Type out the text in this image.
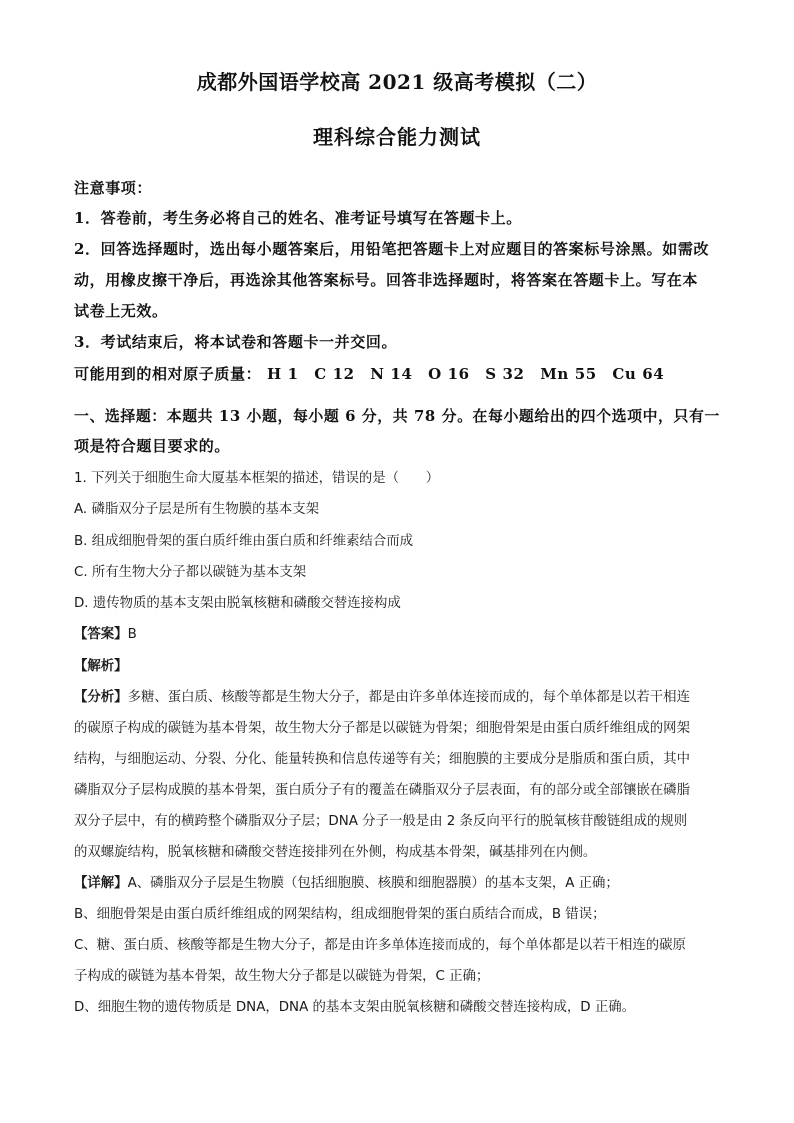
成都外国语学校高 2021 级高考模拟（二）
理科综合能力测试
注意事项：
1．答卷前，考生务必将自己的姓名、准考证号填写在答题卡上。
2．回答选择题时，选出每小题答案后，用铅笔把答题卡上对应题目的答案标号涂黑。如需改
动，用橡皮擦干净后，再选涂其他答案标号。回答非选择题时，将答案在答题卡上。写在本
试卷上无效。
3．考试结束后，将本试卷和答题卡一并交回。
可能用到的相对原子质量： H 1　C 12　N 14　O 16　S 32　Mn 55　Cu 64
一、选择题：本题共 13 小题，每小题 6 分，共 78 分。在每小题给出的四个选项中，只有一
项是符合题目要求的。
1. 下列关于细胞生命大厦基本框架的描述，错误的是（　　）
A. 磷脂双分子层是所有生物膜的基本支架
B. 组成细胞骨架的蛋白质纤维由蛋白质和纤维素结合而成
C. 所有生物大分子都以碳链为基本支架
D. 遗传物质的基本支架由脱氧核糖和磷酸交替连接构成
【答案】B
【解析】
【分析】多糖、蛋白质、核酸等都是生物大分子，都是由许多单体连接而成的，每个单体都是以若干相连
的碳原子构成的碳链为基本骨架，故生物大分子都是以碳链为骨架；细胞骨架是由蛋白质纤维组成的网架
结构，与细胞运动、分裂、分化、能量转换和信息传递等有关；细胞膜的主要成分是脂质和蛋白质，其中
磷脂双分子层构成膜的基本骨架，蛋白质分子有的覆盖在磷脂双分子层表面，有的部分或全部镶嵌在磷脂
双分子层中，有的横跨整个磷脂双分子层；DNA 分子一般是由 2 条反向平行的脱氧核苷酸链组成的规则
的双螺旋结构，脱氧核糖和磷酸交替连接排列在外侧，构成基本骨架，碱基排列在内侧。
【详解】A、磷脂双分子层是生物膜（包括细胞膜、核膜和细胞器膜）的基本支架，A 正确；
B、细胞骨架是由蛋白质纤维组成的网架结构，组成细胞骨架的蛋白质结合而成，B 错误；
C、糖、蛋白质、核酸等都是生物大分子，都是由许多单体连接而成的，每个单体都是以若干相连的碳原
子构成的碳链为基本骨架，故生物大分子都是以碳链为骨架，C 正确；
D、细胞生物的遗传物质是 DNA，DNA 的基本支架由脱氧核糖和磷酸交替连接构成，D 正确。
